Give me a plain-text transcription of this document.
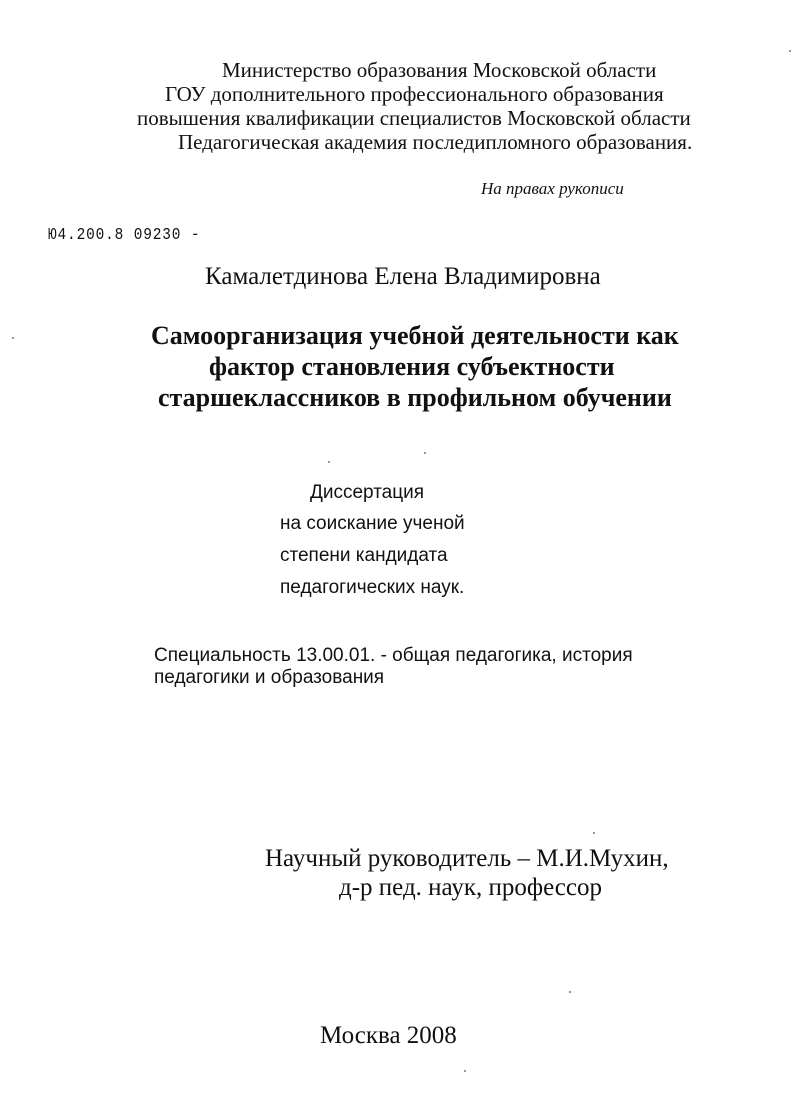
Министерство образования Московской области
ГОУ дополнительного профессионального образования
повышения квалификации специалистов Московской области
Педагогическая академия последипломного образования.
На правах рукописи
Ю4.200.8 09230 -
Камалетдинова Елена Владимировна
Самоорганизация учебной деятельности как
фактор становления субъектности
старшеклассников в профильном обучении
Диссертация
на соискание ученой
степени кандидата
педагогических наук.
Специальность 13.00.01. - общая педагогика, история
педагогики и образования
Научный руководитель – М.И.Мухин,
д-р пед. наук, профессор
Москва 2008
